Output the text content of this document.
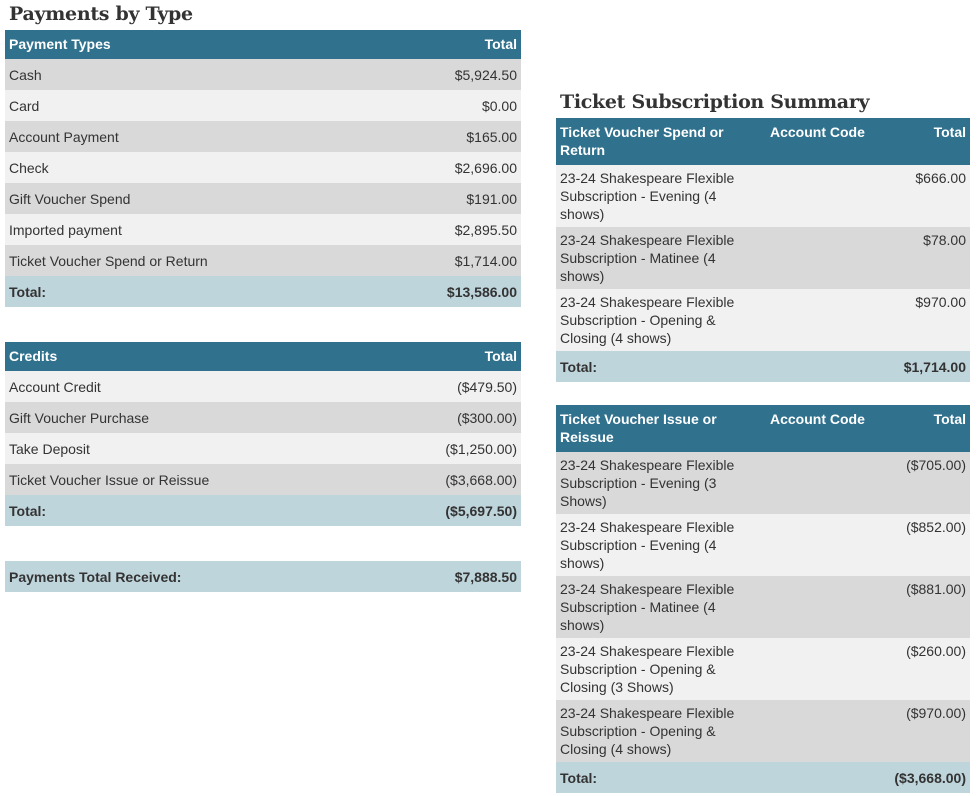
Payments by Type
Payment Types	Total
Cash	$5,924.50
Card	$0.00
Account Payment	$165.00
Check	$2,696.00
Gift Voucher Spend	$191.00
Imported payment	$2,895.50
Ticket Voucher Spend or Return	$1,714.00
Total:	$13,586.00
Credits	Total
Account Credit	($479.50)
Gift Voucher Purchase	($300.00)
Take Deposit	($1,250.00)
Ticket Voucher Issue or Reissue	($3,668.00)
Total:	($5,697.50)
Payments Total Received:	$7,888.50
Ticket Subscription Summary
Ticket Voucher Spend or Return	Account Code	Total
23-24 Shakespeare Flexible Subscription - Evening (4 shows)		$666.00
23-24 Shakespeare Flexible Subscription - Matinee (4 shows)		$78.00
23-24 Shakespeare Flexible Subscription - Opening & Closing (4 shows)		$970.00
Total:		$1,714.00
Ticket Voucher Issue or Reissue	Account Code	Total
23-24 Shakespeare Flexible Subscription - Evening (3 Shows)		($705.00)
23-24 Shakespeare Flexible Subscription - Evening (4 shows)		($852.00)
23-24 Shakespeare Flexible Subscription - Matinee (4 shows)		($881.00)
23-24 Shakespeare Flexible Subscription - Opening & Closing (3 Shows)		($260.00)
23-24 Shakespeare Flexible Subscription - Opening & Closing (4 shows)		($970.00)
Total:		($3,668.00)
